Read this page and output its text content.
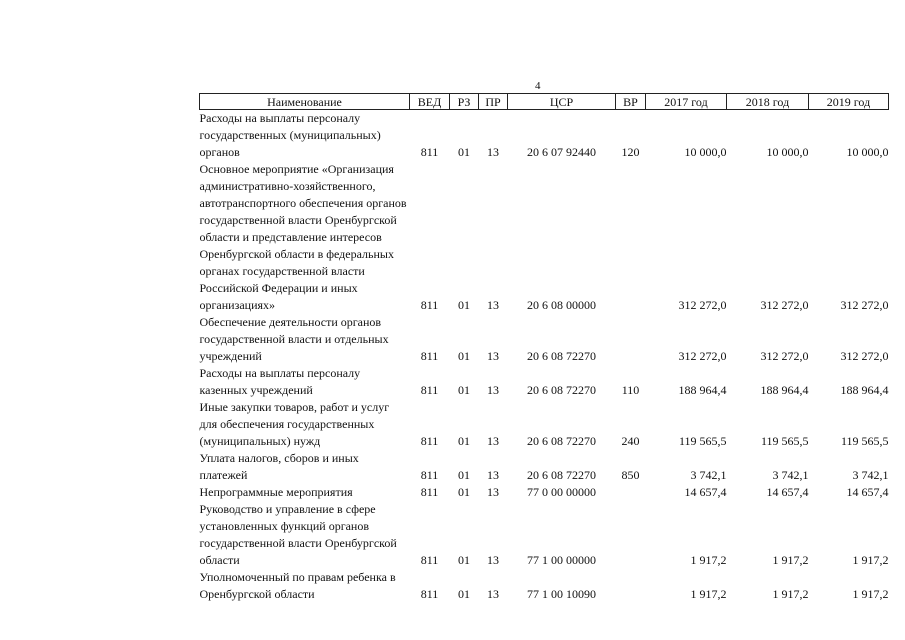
4
Наименование	ВЕД	РЗ	ПР	ЦСР	ВР	2017 год	2018 год	2019 год
Расходы на выплаты персоналу государственных (муниципальных) органов	811	01	13	20 6 07 92440	120	10 000,0	10 000,0	10 000,0
Основное мероприятие «Организация административно-хозяйственного, автотранспортного обеспечения органов государственной власти Оренбургской области и представление интересов Оренбургской области в федеральных органах государственной власти Российской Федерации и иных организациях»	811	01	13	20 6 08 00000		312 272,0	312 272,0	312 272,0
Обеспечение деятельности органов государственной власти и отдельных учреждений	811	01	13	20 6 08 72270		312 272,0	312 272,0	312 272,0
Расходы на выплаты персоналу казенных учреждений	811	01	13	20 6 08 72270	110	188 964,4	188 964,4	188 964,4
Иные закупки товаров, работ и услуг для обеспечения государственных (муниципальных) нужд	811	01	13	20 6 08 72270	240	119 565,5	119 565,5	119 565,5
Уплата налогов, сборов и иных платежей	811	01	13	20 6 08 72270	850	3 742,1	3 742,1	3 742,1
Непрограммные мероприятия	811	01	13	77 0 00 00000		14 657,4	14 657,4	14 657,4
Руководство и управление в сфере установленных функций органов государственной власти Оренбургской области	811	01	13	77 1 00 00000		1 917,2	1 917,2	1 917,2
Уполномоченный по правам ребенка в Оренбургской области	811	01	13	77 1 00 10090		1 917,2	1 917,2	1 917,2
